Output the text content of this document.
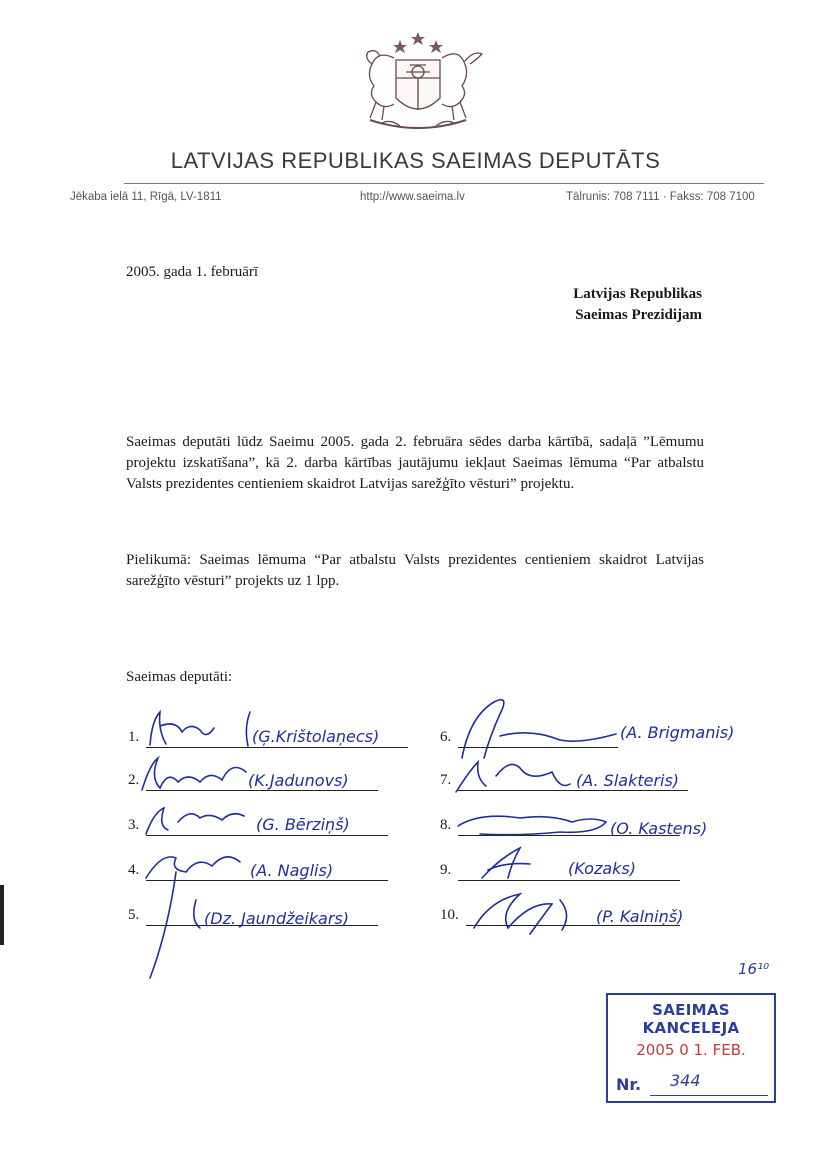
LATVIJAS REPUBLIKAS SAEIMAS DEPUTĀTS
Jēkaba ielā 11, Rīgā, LV-1811	http://www.saeima.lv	Tālrunis: 708 7111 · Fakss: 708 7100
2005. gada 1. februārī
Latvijas Republikas
Saeimas Prezidijam
Saeimas deputāti lūdz Saeimu 2005. gada 2. februāra sēdes darba kārtībā, sadaļā ”Lēmumu projektu izskatīšana”, kā 2. darba kārtības jautājumu iekļaut Saeimas lēmuma “Par atbalstu Valsts prezidentes centieniem skaidrot Latvijas sarežģīto vēsturi” projektu.
Pielikumā: Saeimas lēmuma “Par atbalstu Valsts prezidentes centieniem skaidrot Latvijas sarežģīto vēsturi” projekts uz 1 lpp.
Saeimas deputāti:
1.
2.
3.
4.
5.
6.
7.
8.
9.
10.
(Ģ.Krištolaņecs)
(K.Jadunovs)
(G. Bērziņš)
(A. Naglis)
(Dz. Jaundžeikars)
(A. Brigmanis)
(A. Slakteris)
(O. Kastens)
(Kozaks)
(P. Kalniņš)
16¹⁰
SAEIMAS KANCELEJA
2005 0 1. FEB.
Nr. 344
